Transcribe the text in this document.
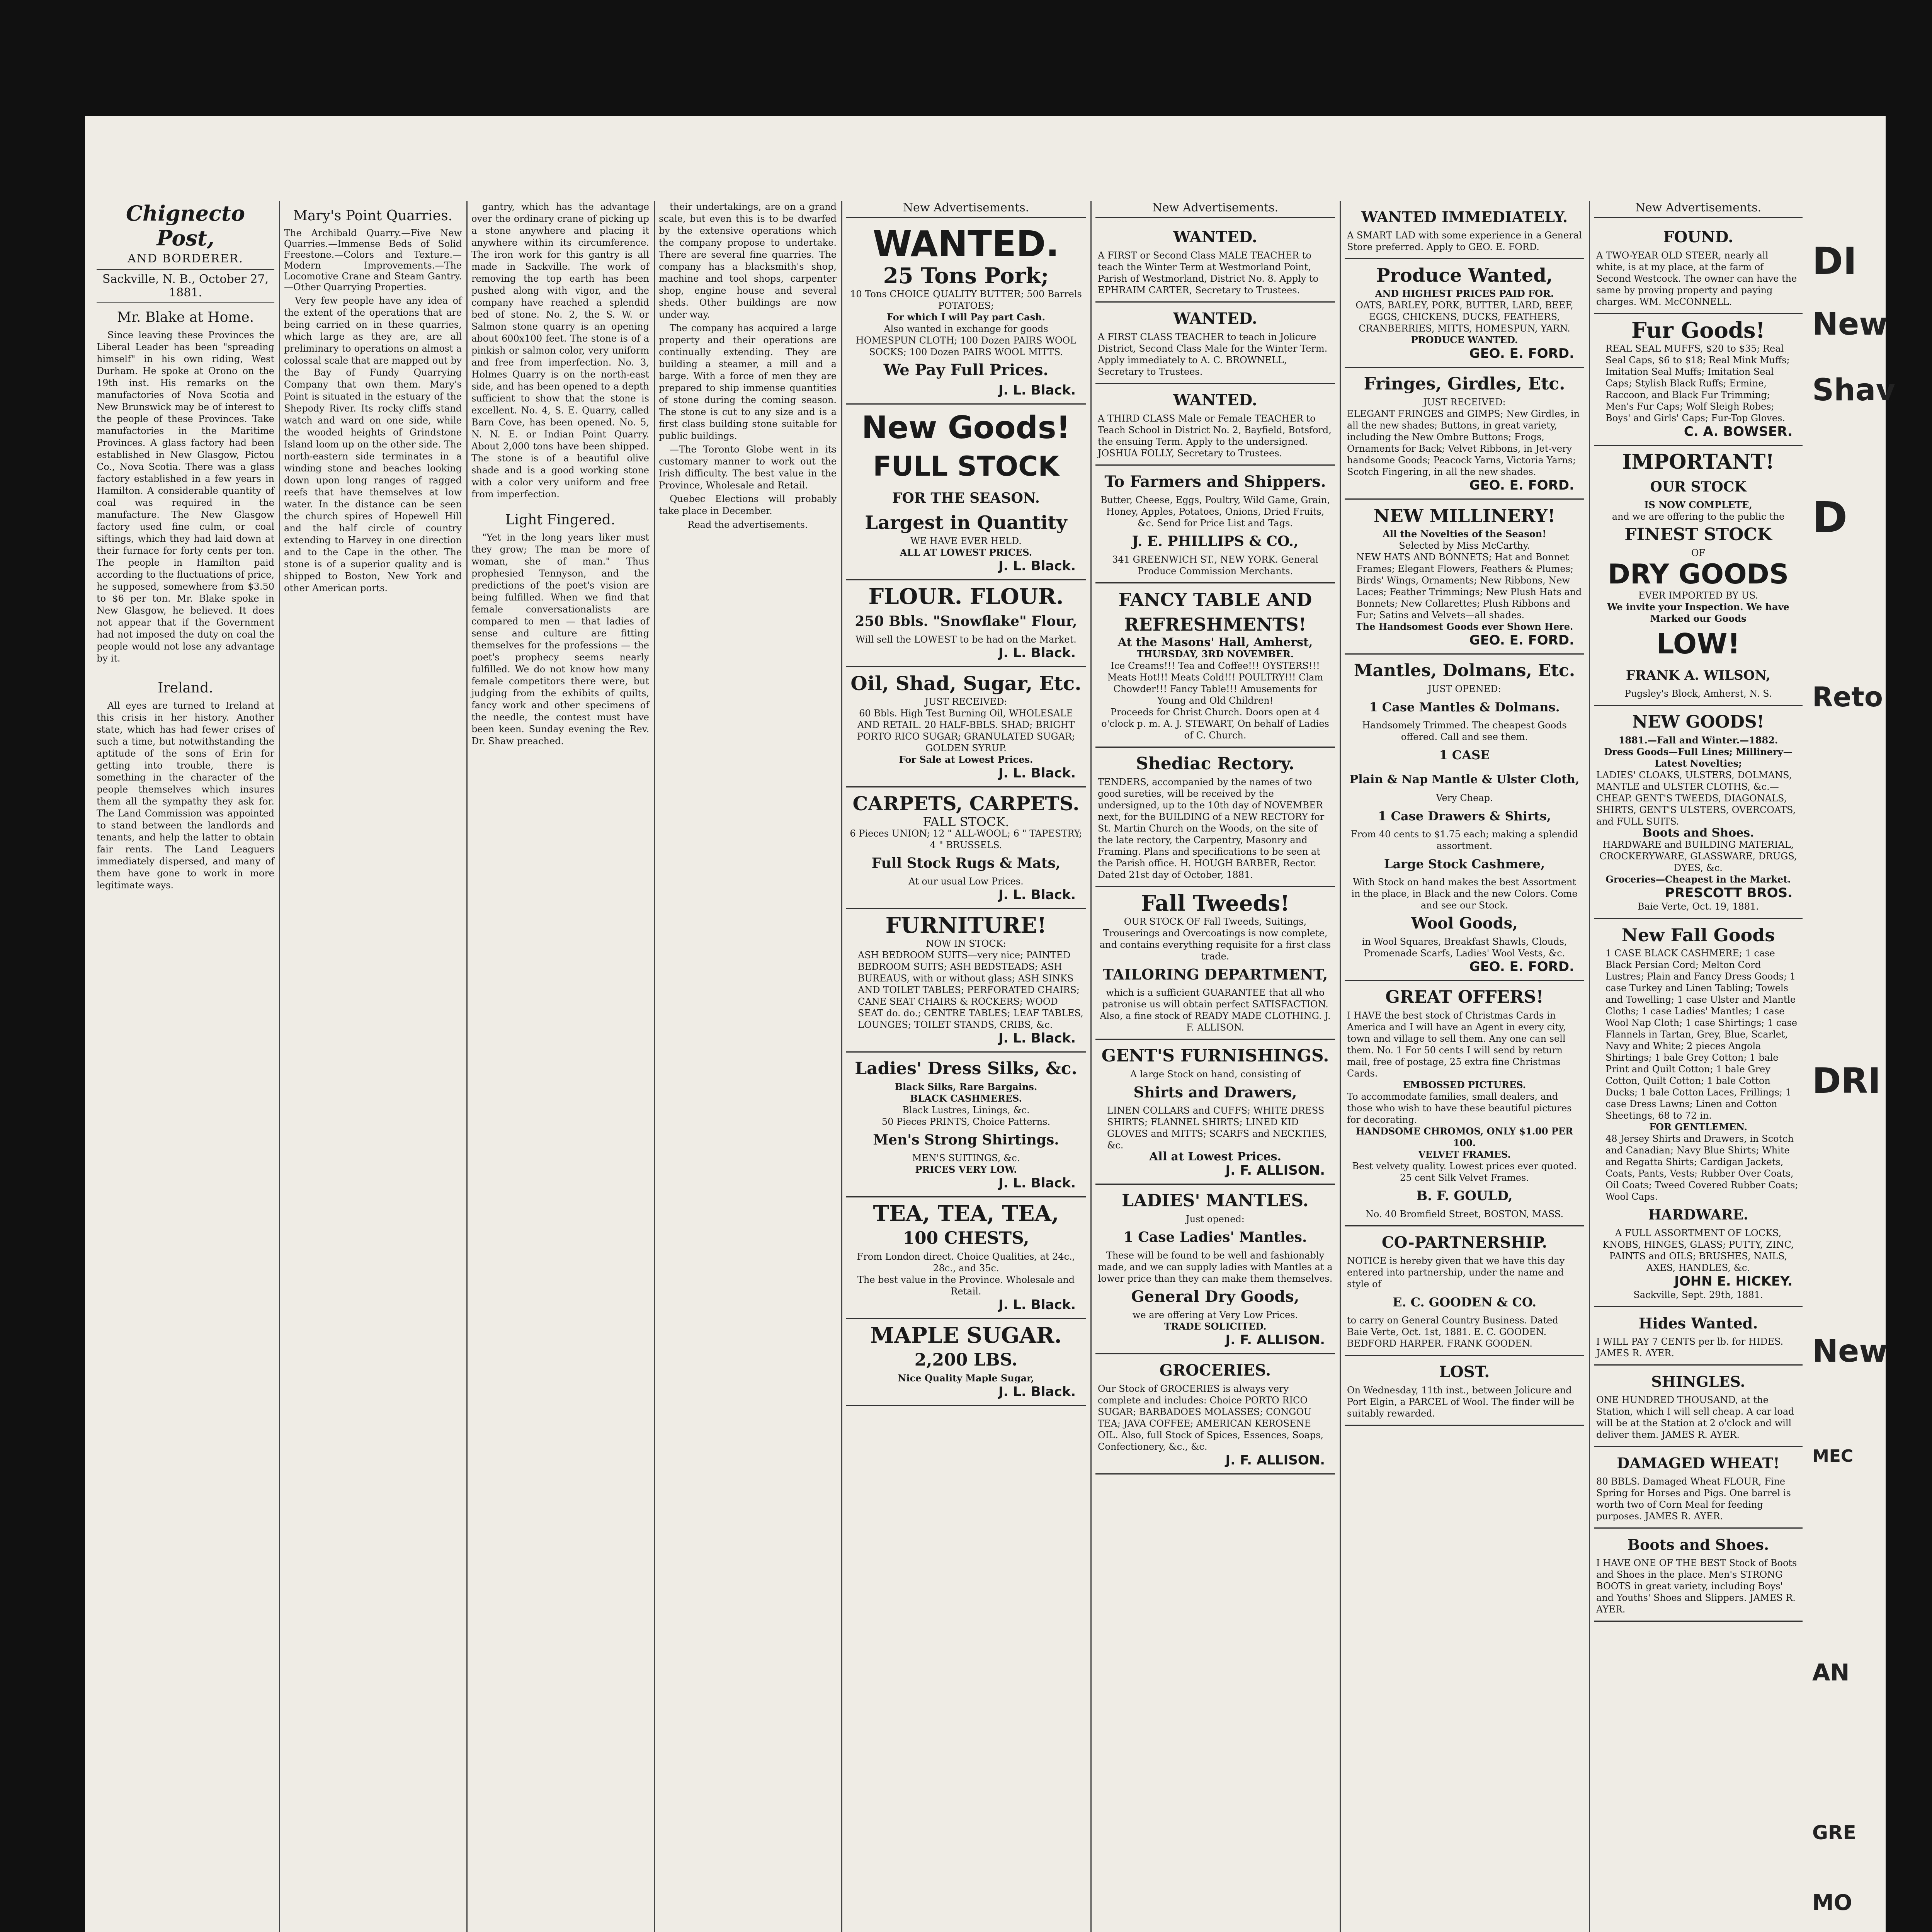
Chignecto Post,
AND BORDERER.
Sackville, N. B., October 27, 1881.
Mr. Blake at Home.

Since leaving these Provinces the Liberal Leader has been "spreading himself" in his own riding, West Durham. He spoke at Orono on the 19th inst. His remarks on the manufactories of Nova Scotia and New Brunswick may be of interest to the people of these Provinces. Take manufactories in the Maritime Provinces. A glass factory had been established in New Glasgow, Pictou Co., Nova Scotia. There was a glass factory established in a few years in Hamilton. A considerable quantity of coal was required in the manufacture. The New Glasgow factory used fine culm, or coal siftings, which they had laid down at their furnace for forty cents per ton. The people in Hamilton paid according to the fluctuations of price, he supposed, somewhere from $3.50 to $6 per ton. Mr. Blake spoke in New Glasgow, he believed. It does not appear that if the Government had not imposed the duty on coal the people would not lose any advantage by it.

Ireland.

All eyes are turned to Ireland at this crisis in her history. Another state, which has had fewer crises of such a time, but notwithstanding the aptitude of the sons of Erin for getting into trouble, there is something in the character of the people themselves which insures them all the sympathy they ask for. The Land Commission was appointed to stand between the landlords and tenants, and help the latter to obtain fair rents. The Land Leaguers immediately dispersed, and many of them have gone to work in more legitimate ways.

Mary's Point Quarries.
The Archibald Quarry.—Five New Quarries.—Immense Beds of Solid Freestone.—Colors and Texture.—Modern Improvements.—The Locomotive Crane and Steam Gantry.—Other Quarrying Properties.

Very few people have any idea of the extent of the operations that are being carried on in these quarries, which large as they are, are all preliminary to operations on almost a colossal scale that are mapped out by the Bay of Fundy Quarrying Company that own them. Mary's Point is situated in the estuary of the Shepody River. Its rocky cliffs stand watch and ward on one side, while the wooded heights of Grindstone Island loom up on the other side. The north-eastern side terminates in a winding stone and beaches looking down upon long ranges of ragged reefs that have themselves at low water. In the distance can be seen the church spires of Hopewell Hill and the half circle of country extending to Harvey in one direction and to the Cape in the other. The stone is of a superior quality and is shipped to Boston, New York and other American ports.

gantry, which has the advantage over the ordinary crane of picking up a stone anywhere and placing it anywhere within its circumference. The iron work for this gantry is all made in Sackville. The work of removing the top earth has been pushed along with vigor, and the company have reached a splendid bed of stone. No. 2, the S. W. or Salmon stone quarry is an opening about 600x100 feet. The stone is of a pinkish or salmon color, very uniform and free from imperfection. No. 3, Holmes Quarry is on the north-east side, and has been opened to a depth sufficient to show that the stone is excellent. No. 4, S. E. Quarry, called Barn Cove, has been opened. No. 5, N. N. E. or Indian Point Quarry. About 2,000 tons have been shipped. The stone is of a beautiful olive shade and is a good working stone with a color very uniform and free from imperfection.

Light Fingered.

"Yet in the long years liker must they grow; The man be more of woman, she of man." Thus prophesied Tennyson, and the predictions of the poet's vision are being fulfilled. When we find that female conversationalists are compared to men — that ladies of sense and culture are fitting themselves for the professions — the poet's prophecy seems nearly fulfilled. We do not know how many female competitors there were, but judging from the exhibits of quilts, fancy work and other specimens of the needle, the contest must have been keen. Sunday evening the Rev. Dr. Shaw preached.

their undertakings, are on a grand scale, but even this is to be dwarfed by the extensive operations which the company propose to undertake. There are several fine quarries. The company has a blacksmith's shop, machine and tool shops, carpenter shop, engine house and several sheds. Other buildings are now under way.

The company has acquired a large property and their operations are continually extending. They are building a steamer, a mill and a barge. With a force of men they are prepared to ship immense quantities of stone during the coming season. The stone is cut to any size and is a first class building stone suitable for public buildings.

—The Toronto Globe went in its customary manner to work out the Irish difficulty. The best value in the Province, Wholesale and Retail.

Quebec Elections will probably take place in December.

Read the advertisements.
New Advertisements.
WANTED.
25 Tons Pork;
10 Tons CHOICE QUALITY BUTTER; 500 Barrels POTATOES;
For which I will Pay part Cash.
Also wanted in exchange for goods
HOMESPUN CLOTH; 100 Dozen PAIRS WOOL SOCKS; 100 Dozen PAIRS WOOL MITTS.
We Pay Full Prices.
J. L. Black.
New Goods!
FULL STOCK
FOR THE SEASON.
Largest in Quantity
WE HAVE EVER HELD.
ALL AT LOWEST PRICES.
J. L. Black.
FLOUR. FLOUR.
250 Bbls. "Snowflake" Flour,
Will sell the LOWEST to be had on the Market.
J. L. Black.
Oil, Shad, Sugar, Etc.
JUST RECEIVED:
60 Bbls. High Test Burning Oil, WHOLESALE AND RETAIL. 20 HALF-BBLS. SHAD; BRIGHT PORTO RICO SUGAR; GRANULATED SUGAR; GOLDEN SYRUP.
For Sale at Lowest Prices.
J. L. Black.
CARPETS, CARPETS.
FALL STOCK.
6 Pieces UNION; 12 " ALL-WOOL; 6 " TAPESTRY; 4 " BRUSSELS.
Full Stock Rugs & Mats,
At our usual Low Prices.
J. L. Black.
FURNITURE!
NOW IN STOCK:
ASH BEDROOM SUITS—very nice; PAINTED BEDROOM SUITS; ASH BEDSTEADS; ASH BUREAUS, with or without glass; ASH SINKS AND TOILET TABLES; PERFORATED CHAIRS; CANE SEAT CHAIRS & ROCKERS; WOOD SEAT do. do.; CENTRE TABLES; LEAF TABLES, LOUNGES; TOILET STANDS, CRIBS, &c.
J. L. Black.
Ladies' Dress Silks, &c.
Black Silks, Rare Bargains.
BLACK CASHMERES.
Black Lustres, Linings, &c.
50 Pieces PRINTS, Choice Patterns.
Men's Strong Shirtings.
MEN'S SUITINGS, &c.
PRICES VERY LOW.
J. L. Black.
TEA, TEA, TEA,
100 CHESTS,
From London direct. Choice Qualities, at 24c., 28c., and 35c.
The best value in the Province. Wholesale and Retail.
J. L. Black.
MAPLE SUGAR.
2,200 LBS.
Nice Quality Maple Sugar,
J. L. Black.
New Advertisements.
WANTED.
A FIRST or Second Class MALE TEACHER to teach the Winter Term at Westmorland Point, Parish of Westmorland, District No. 8. Apply to EPHRAIM CARTER, Secretary to Trustees.
WANTED.
A FIRST CLASS TEACHER to teach in Jolicure District, Second Class Male for the Winter Term. Apply immediately to A. C. BROWNELL, Secretary to Trustees.
WANTED.
A THIRD CLASS Male or Female TEACHER to Teach School in District No. 2, Bayfield, Botsford, the ensuing Term. Apply to the undersigned. JOSHUA FOLLY, Secretary to Trustees.
To Farmers and Shippers.
Butter, Cheese, Eggs, Poultry, Wild Game, Grain, Honey, Apples, Potatoes, Onions, Dried Fruits, &c. Send for Price List and Tags.
J. E. PHILLIPS & CO.,
341 GREENWICH ST., NEW YORK. General Produce Commission Merchants.
FANCY TABLE AND REFRESHMENTS!
At the Masons' Hall, Amherst,
THURSDAY, 3RD NOVEMBER.
Ice Creams!!! Tea and Coffee!!! OYSTERS!!! Meats Hot!!! Meats Cold!!! POULTRY!!! Clam Chowder!!! Fancy Table!!! Amusements for Young and Old Children!
Proceeds for Christ Church. Doors open at 4 o'clock p. m. A. J. STEWART, On behalf of Ladies of C. Church.
Shediac Rectory.
TENDERS, accompanied by the names of two good sureties, will be received by the undersigned, up to the 10th day of NOVEMBER next, for the BUILDING of a NEW RECTORY for St. Martin Church on the Woods, on the site of the late rectory, the Carpentry, Masonry and Framing. Plans and specifications to be seen at the Parish office. H. HOUGH BARBER, Rector. Dated 21st day of October, 1881.
Fall Tweeds!
OUR STOCK OF Fall Tweeds, Suitings, Trouserings and Overcoatings is now complete, and contains everything requisite for a first class trade.
TAILORING DEPARTMENT,
which is a sufficient GUARANTEE that all who patronise us will obtain perfect SATISFACTION. Also, a fine stock of READY MADE CLOTHING. J. F. ALLISON.
GENT'S FURNISHINGS.
A large Stock on hand, consisting of
Shirts and Drawers,
LINEN COLLARS and CUFFS; WHITE DRESS SHIRTS; FLANNEL SHIRTS; LINED KID GLOVES and MITTS; SCARFS and NECKTIES, &c.
All at Lowest Prices.
J. F. ALLISON.
LADIES' MANTLES.
Just opened:
1 Case Ladies' Mantles.
These will be found to be well and fashionably made, and we can supply ladies with Mantles at a lower price than they can make them themselves.
General Dry Goods,
we are offering at Very Low Prices.
TRADE SOLICITED.
J. F. ALLISON.
GROCERIES.
Our Stock of GROCERIES is always very complete and includes: Choice PORTO RICO SUGAR; BARBADOES MOLASSES; CONGOU TEA; JAVA COFFEE; AMERICAN KEROSENE OIL. Also, full Stock of Spices, Essences, Soaps, Confectionery, &c., &c.
J. F. ALLISON.
WANTED IMMEDIATELY.
A SMART LAD with some experience in a General Store preferred. Apply to GEO. E. FORD.
Produce Wanted,
AND HIGHEST PRICES PAID FOR.
OATS, BARLEY, PORK, BUTTER, LARD, BEEF, EGGS, CHICKENS, DUCKS, FEATHERS, CRANBERRIES, MITTS, HOMESPUN, YARN.
PRODUCE WANTED.
GEO. E. FORD.
Fringes, Girdles, Etc.
JUST RECEIVED:
ELEGANT FRINGES and GIMPS; New Girdles, in all the new shades; Buttons, in great variety, including the New Ombre Buttons; Frogs, Ornaments for Back; Velvet Ribbons, in Jet-very handsome Goods; Peacock Yarns, Victoria Yarns; Scotch Fingering, in all the new shades.
GEO. E. FORD.
NEW MILLINERY!
All the Novelties of the Season!
Selected by Miss McCarthy.
NEW HATS AND BONNETS; Hat and Bonnet Frames; Elegant Flowers, Feathers & Plumes; Birds' Wings, Ornaments; New Ribbons, New Laces; Feather Trimmings; New Plush Hats and Bonnets; New Collarettes; Plush Ribbons and Fur; Satins and Velvets—all shades.
The Handsomest Goods ever Shown Here.
GEO. E. FORD.
Mantles, Dolmans, Etc.
JUST OPENED:
1 Case Mantles & Dolmans.
Handsomely Trimmed. The cheapest Goods offered. Call and see them.
1 CASE
Plain & Nap Mantle & Ulster Cloth,
Very Cheap.
1 Case Drawers & Shirts,
From 40 cents to $1.75 each; making a splendid assortment.
Large Stock Cashmere,
With Stock on hand makes the best Assortment in the place, in Black and the new Colors. Come and see our Stock.
Wool Goods,
in Wool Squares, Breakfast Shawls, Clouds, Promenade Scarfs, Ladies' Wool Vests, &c.
GEO. E. FORD.
GREAT OFFERS!
I HAVE the best stock of Christmas Cards in America and I will have an Agent in every city, town and village to sell them. Any one can sell them. No. 1 For 50 cents I will send by return mail, free of postage, 25 extra fine Christmas Cards.
EMBOSSED PICTURES.
To accommodate families, small dealers, and those who wish to have these beautiful pictures for decorating.
HANDSOME CHROMOS, ONLY $1.00 PER 100.
VELVET FRAMES.
Best velvety quality. Lowest prices ever quoted. 25 cent Silk Velvet Frames.
B. F. GOULD,
No. 40 Bromfield Street, BOSTON, MASS.
CO-PARTNERSHIP.
NOTICE is hereby given that we have this day entered into partnership, under the name and style of
E. C. GOODEN & CO.
to carry on General Country Business. Dated Baie Verte, Oct. 1st, 1881. E. C. GOODEN. BEDFORD HARPER. FRANK GOODEN.
LOST.
On Wednesday, 11th inst., between Jolicure and Port Elgin, a PARCEL of Wool. The finder will be suitably rewarded.
New Advertisements.
FOUND.
A TWO-YEAR OLD STEER, nearly all white, is at my place, at the farm of Second Westcock. The owner can have the same by proving property and paying charges. WM. McCONNELL.
Fur Goods!
REAL SEAL MUFFS, $20 to $35; Real Seal Caps, $6 to $18; Real Mink Muffs; Imitation Seal Muffs; Imitation Seal Caps; Stylish Black Ruffs; Ermine, Raccoon, and Black Fur Trimming; Men's Fur Caps; Wolf Sleigh Robes; Boys' and Girls' Caps; Fur-Top Gloves.
C. A. BOWSER.
IMPORTANT!
OUR STOCK
IS NOW COMPLETE,
and we are offering to the public the
FINEST STOCK
OF
DRY GOODS
EVER IMPORTED BY US.
We invite your Inspection. We have Marked our Goods
LOW!
FRANK A. WILSON,
Pugsley's Block, Amherst, N. S.
NEW GOODS!
1881.—Fall and Winter.—1882.
Dress Goods—Full Lines; Millinery—Latest Novelties;
LADIES' CLOAKS, ULSTERS, DOLMANS, MANTLE and ULSTER CLOTHS, &c.—CHEAP. GENT'S TWEEDS, DIAGONALS, SHIRTS, GENT'S ULSTERS, OVERCOATS, and FULL SUITS.
Boots and Shoes.
HARDWARE and BUILDING MATERIAL, CROCKERYWARE, GLASSWARE, DRUGS, DYES, &c.
Groceries—Cheapest in the Market.
PRESCOTT BROS.
Baie Verte, Oct. 19, 1881.
New Fall Goods
1 CASE BLACK CASHMERE; 1 case Black Persian Cord; Melton Cord Lustres; Plain and Fancy Dress Goods; 1 case Turkey and Linen Tabling; Towels and Towelling; 1 case Ulster and Mantle Cloths; 1 case Ladies' Mantles; 1 case Wool Nap Cloth; 1 case Shirtings; 1 case Flannels in Tartan, Grey, Blue, Scarlet, Navy and White; 2 pieces Angola Shirtings; 1 bale Grey Cotton; 1 bale Print and Quilt Cotton; 1 bale Grey Cotton, Quilt Cotton; 1 bale Cotton Ducks; 1 bale Cotton Laces, Frillings; 1 case Dress Lawns; Linen and Cotton Sheetings, 68 to 72 in.
FOR GENTLEMEN.
48 Jersey Shirts and Drawers, in Scotch and Canadian; Navy Blue Shirts; White and Regatta Shirts; Cardigan Jackets, Coats, Pants, Vests; Rubber Over Coats, Oil Coats; Tweed Covered Rubber Coats; Wool Caps.
HARDWARE.
A FULL ASSORTMENT OF LOCKS, KNOBS, HINGES, GLASS; PUTTY, ZINC, PAINTS and OILS; BRUSHES, NAILS, AXES, HANDLES, &c.
JOHN E. HICKEY.
Sackville, Sept. 29th, 1881.
Hides Wanted.
I WILL PAY 7 CENTS per lb. for HIDES. JAMES R. AYER.
SHINGLES.
ONE HUNDRED THOUSAND, at the Station, which I will sell cheap. A car load will be at the Station at 2 o'clock and will deliver them. JAMES R. AYER.
DAMAGED WHEAT!
80 BBLS. Damaged Wheat FLOUR, Fine Spring for Horses and Pigs. One barrel is worth two of Corn Meal for feeding purposes. JAMES R. AYER.
Boots and Shoes.
I HAVE ONE OF THE BEST Stock of Boots and Shoes in the place. Men's STRONG BOOTS in great variety, including Boys' and Youths' Shoes and Slippers. JAMES R. AYER.
DI
New
Shav
D
Reto
DRI
New
MEC
AN
GRE
MO
